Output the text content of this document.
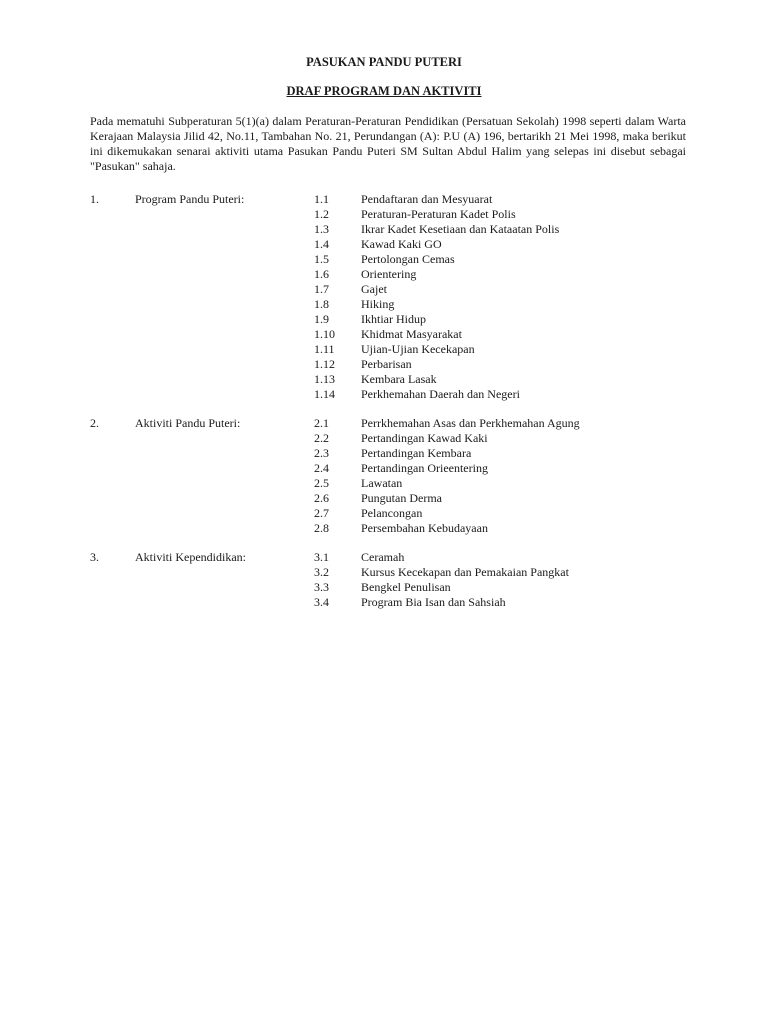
PASUKAN PANDU PUTERI
DRAF PROGRAM DAN AKTIVITI
Pada mematuhi Subperaturan 5(1)(a) dalam Peraturan-Peraturan Pendidikan (Persatuan Sekolah) 1998 seperti dalam Warta Kerajaan Malaysia Jilid 42, No.11, Tambahan No. 21, Perundangan (A): P.U (A) 196, bertarikh 21 Mei 1998, maka berikut ini dikemukakan senarai aktiviti utama Pasukan Pandu Puteri SM Sultan Abdul Halim yang selepas ini disebut sebagai "Pasukan" sahaja.
1.	Program Pandu Puteri:	1.1	Pendaftaran dan Mesyuarat
1.2	Peraturan-Peraturan Kadet Polis
1.3	Ikrar Kadet Kesetiaan dan Kataatan Polis
1.4	Kawad Kaki GO
1.5	Pertolongan Cemas
1.6	Orientering
1.7	Gajet
1.8	Hiking
1.9	Ikhtiar Hidup
1.10 Khidmat Masyarakat
1.11 Ujian-Ujian Kecekapan
1.12 Perbarisan
1.13 Kembara Lasak
1.14 Perkhemahan Daerah dan Negeri
2.	Aktiviti Pandu Puteri:	2.1	Perrkhemahan Asas dan Perkhemahan Agung
2.2	Pertandingan Kawad Kaki
2.3	Pertandingan Kembara
2.4	Pertandingan Orieentering
2.5	Lawatan
2.6	Pungutan Derma
2.7	Pelancongan
2.8	Persembahan Kebudayaan
3.	Aktiviti Kependidikan:	3.1	Ceramah
3.2	Kursus Kecekapan dan Pemakaian Pangkat
3.3	Bengkel Penulisan
3.4	Program Bia Isan dan Sahsiah
